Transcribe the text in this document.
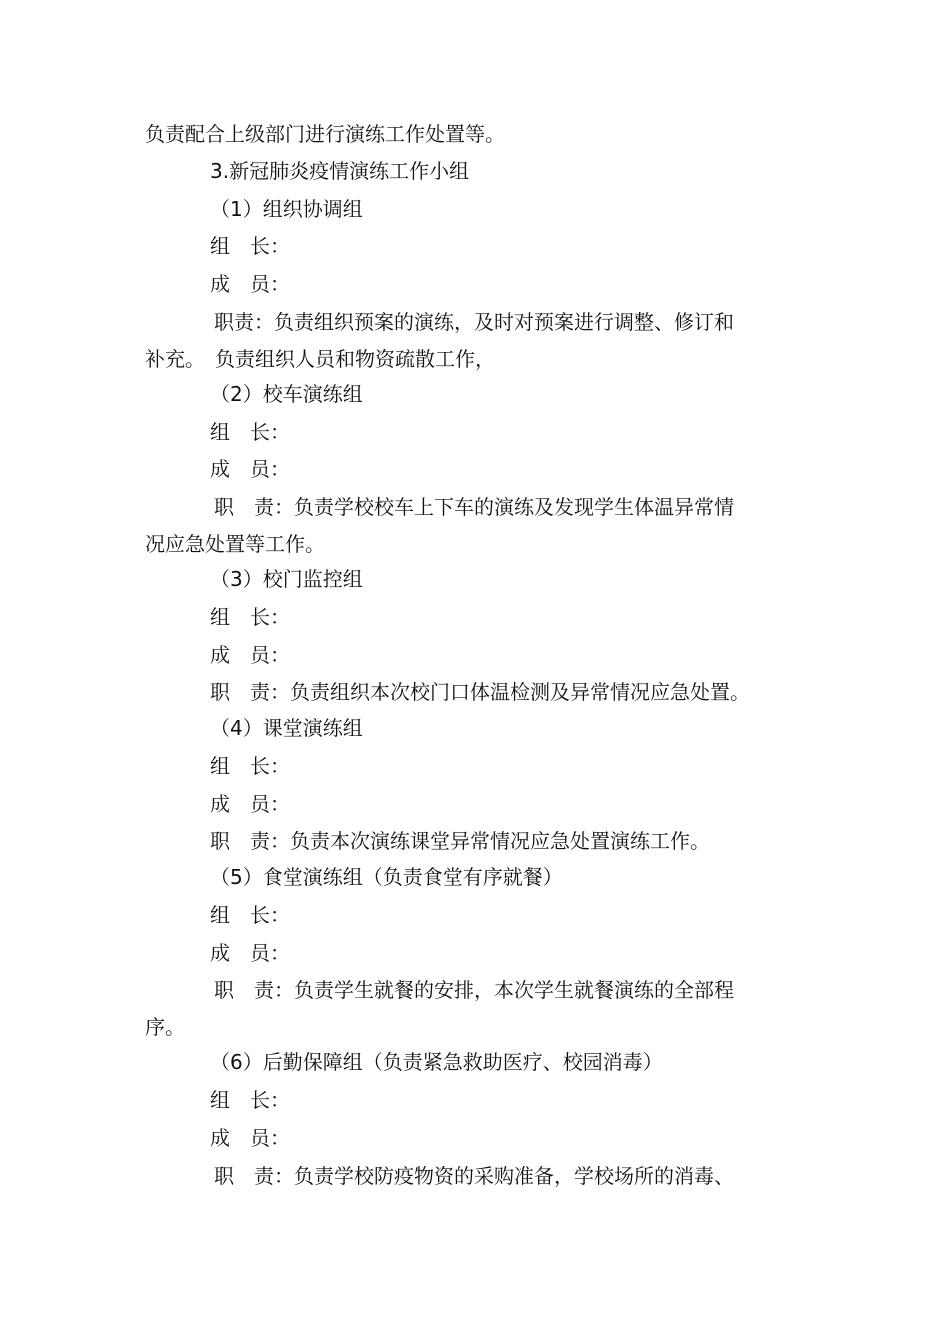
负责配合上级部门进行演练工作处置等。
3.新冠肺炎疫情演练工作小组
（1）组织协调组
组　长：
成　员：
职责：负责组织预案的演练，及时对预案进行调整、修订和
补充。　负责组织人员和物资疏散工作，
（2）校车演练组
组　长：
成　员：
职　责：负责学校校车上下车的演练及发现学生体温异常情
况应急处置等工作。
（3）校门监控组
组　长：
成　员：
职　责：负责组织本次校门口体温检测及异常情况应急处置。
（4）课堂演练组
组　长：
成　员：
职　责：负责本次演练课堂异常情况应急处置演练工作。
（5）食堂演练组（负责食堂有序就餐）
组　长：
成　员：
职　责：负责学生就餐的安排，本次学生就餐演练的全部程
序。
（6）后勤保障组（负责紧急救助医疗、校园消毒）
组　长：
成　员：
职　责：负责学校防疫物资的采购准备，学校场所的消毒、
